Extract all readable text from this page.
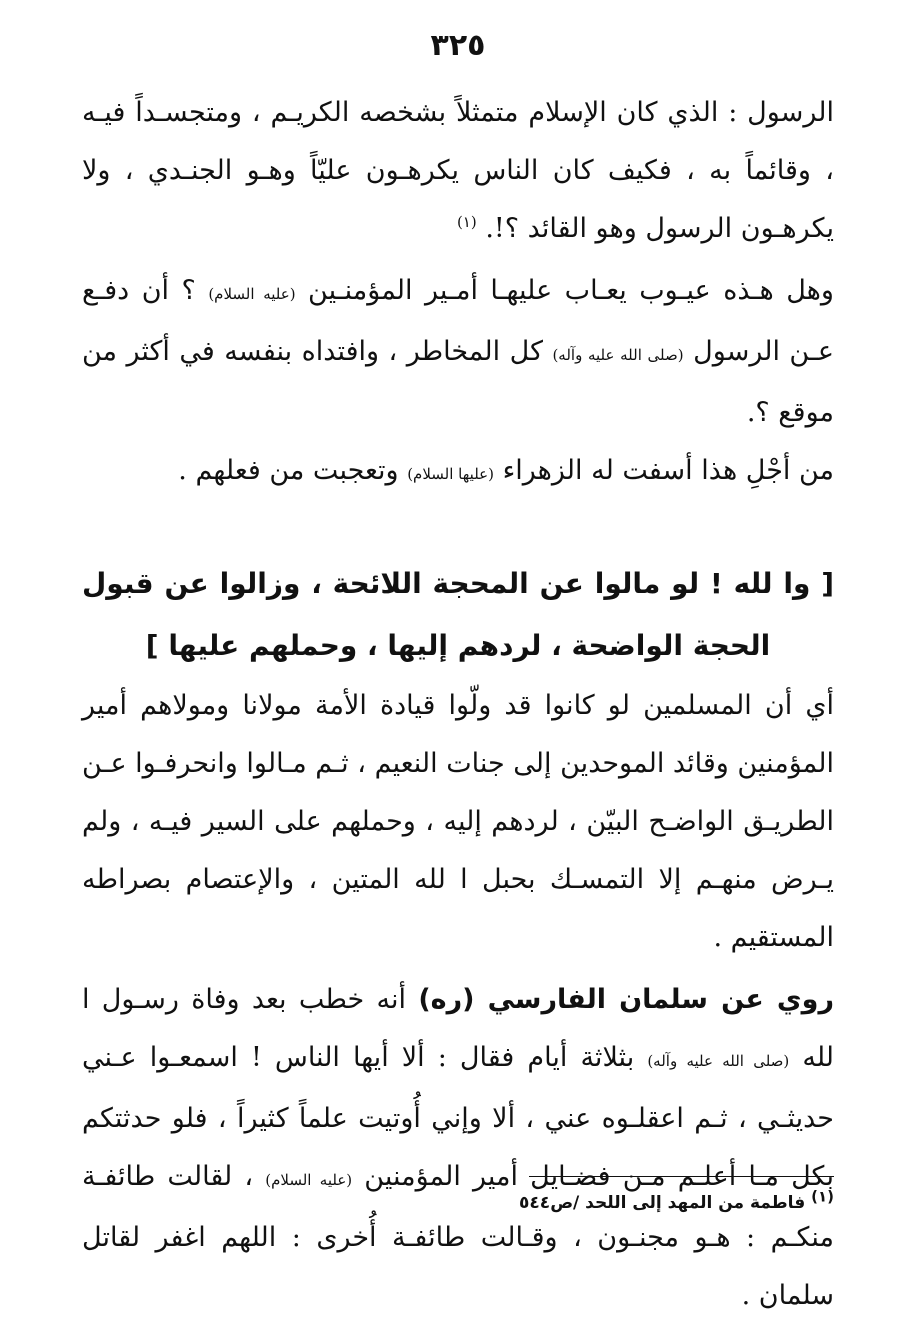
٣٢٥

الرسول : الذي كان الإسلام متمثلاً بشخصه الكريـم ، ومتجسـداً فيـه ، وقائماً به ، فكيف كان الناس يكرهـون عليّاً وهـو الجنـدي ، ولا يكرهـون الرسول وهو القائد ؟!. $^{(١)}$

وهل هـذه عيـوب يعـاب عليهـا أمـير المؤمنـين (عليه السلام) ؟ أن دفـع عـن الرسول (صلى الله عليه وآله) كل المخاطر ، وافتداه بنفسه في أكثر من موقع ؟.

من أجْلِ هذا أسفت له الزهراء (عليها السلام) وتعجبت من فعلهم .

[ وا لله ! لو مالوا عن المحجة اللائحة ، وزالوا عن قبول الحجة الواضحة ، لردهم إليها ، وحملهم عليها ]

أي أن المسلمين لو كانوا قد ولّوا قيادة الأمة مولانا ومولاهم أمير المؤمنين وقائد الموحدين إلى جنات النعيم ، ثـم مـالوا وانحرفـوا عـن الطريـق الواضـح البيّن ، لردهم إليه ، وحملهم على السير فيـه ، ولم يـرض منهـم إلا التمسـك بحبل ا لله المتين ، والإعتصام بصراطه المستقيم .

روي عن سلمان الفارسي (ره) أنه خطب بعد وفاة رسـول ا لله (صلى الله عليه وآله) بثلاثة أيام فقال : ألا أيها الناس ! اسمعـوا عـني حديثـي ، ثـم اعقلـوه عني ، ألا وإني أُوتيت علماً كثيراً ، فلو حدثتكم بكل مـا أعلـم مـن فضـايل أمير المؤمنين (عليه السلام) ، لقالت طائفـة منكـم : هـو مجنـون ، وقـالت طائفـة أُخرى : اللهم اغفر لقاتل سلمان .

(١) فاطمة من المهد إلى اللحد /ص٥٤٤
